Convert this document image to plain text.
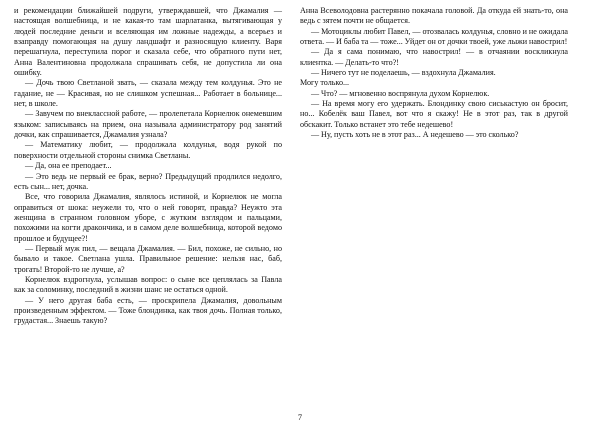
и рекомендации ближайшей подруги, утверждавшей, что Джамалия — настоящая волшебница, и не какая-то там шарлатанка, вытягивающая у людей последние деньги и вселяющая им ложные надежды, а всерьез и взаправду помогающая на душу ландшафт и разносящую клиенту. Варя перешагнула, переступила порог и сказала себе, что обратного пути нет, Анна Валентиновна продолжала спрашивать себя, не допустила ли она ошибку.

— Дочь твою Светланой звать, — сказала между тем колдунья. Это не гадание, не — Красивая, но не слишком успешная... Работает в больнице... нет, в школе.

— Завучем по внеклассной работе, — пролепетала Корнелюк онемевшим языком: записываясь на прием, она называла администратору род занятий дочки, как спрашивается, Джамалия узнала?

— Математику любит, — продолжала колдунья, водя рукой по поверхности отдельной стороны снимка Светланы.

— Да, она ее преподает...

— Это ведь не первый ее брак, верно? Предыдущий продлился недолго, есть сын... нет, дочка.

Все, что говорила Джамалия, являлось истиной, и Корнелюк не могла оправиться от шока: неужели то, что о ней говорят, правда? Неужто эта женщина в странном головном уборе, с жутким взглядом и пальцами, похожими на когти дракончика, и в самом деле волшебница, которой ведомо прошлое и будущее?!

— Первый муж пил, — вещала Джамалия. — Бил, похоже, не сильно, но бывало и такое. Светлана ушла. Правильное решение: нельзя нас, баб, трогать! Второй-то не лучше, а?

Корнелюк вздрогнула, услышав вопрос: о сыне все цеплялась за Павла как за соломинку, последний в жизни шанс не остаться одной.

— У него другая баба есть, — проскрипела Джамалия, довольным произведенным эффектом. — Тоже блондинка, как твоя дочь. Полная только, грудастая... Знаешь такую?

Анна Всеволодовна растерянно покачала головой. Да откуда ей знать-то, она ведь с зятем почти не общается.

— Мотоциклы любит Павел, — отозвалась колдунья, словно и не ожидала ответа. — И баба та — тоже... Уйдет он от дочки твоей, уже лыжи навострил!

— Да я сама понимаю, что навострил! — в отчаянии воскликнула клиентка. — Делать-то что?!

— Ничего тут не поделаешь, — вздохнула Джамалия.

Могу только...

— Что? — мгновенно воспрянула духом Корнелюк.

— На время могу его удержать. Блондинку свою сиськастую он бросит, но... Кобелёк ваш Павел, вот что я скажу! Не в этот раз, так в другой обскакит. Только встанет это тебе недешево!

— Ну, пусть хоть не в этот раз... А недешево — это сколько?

7
